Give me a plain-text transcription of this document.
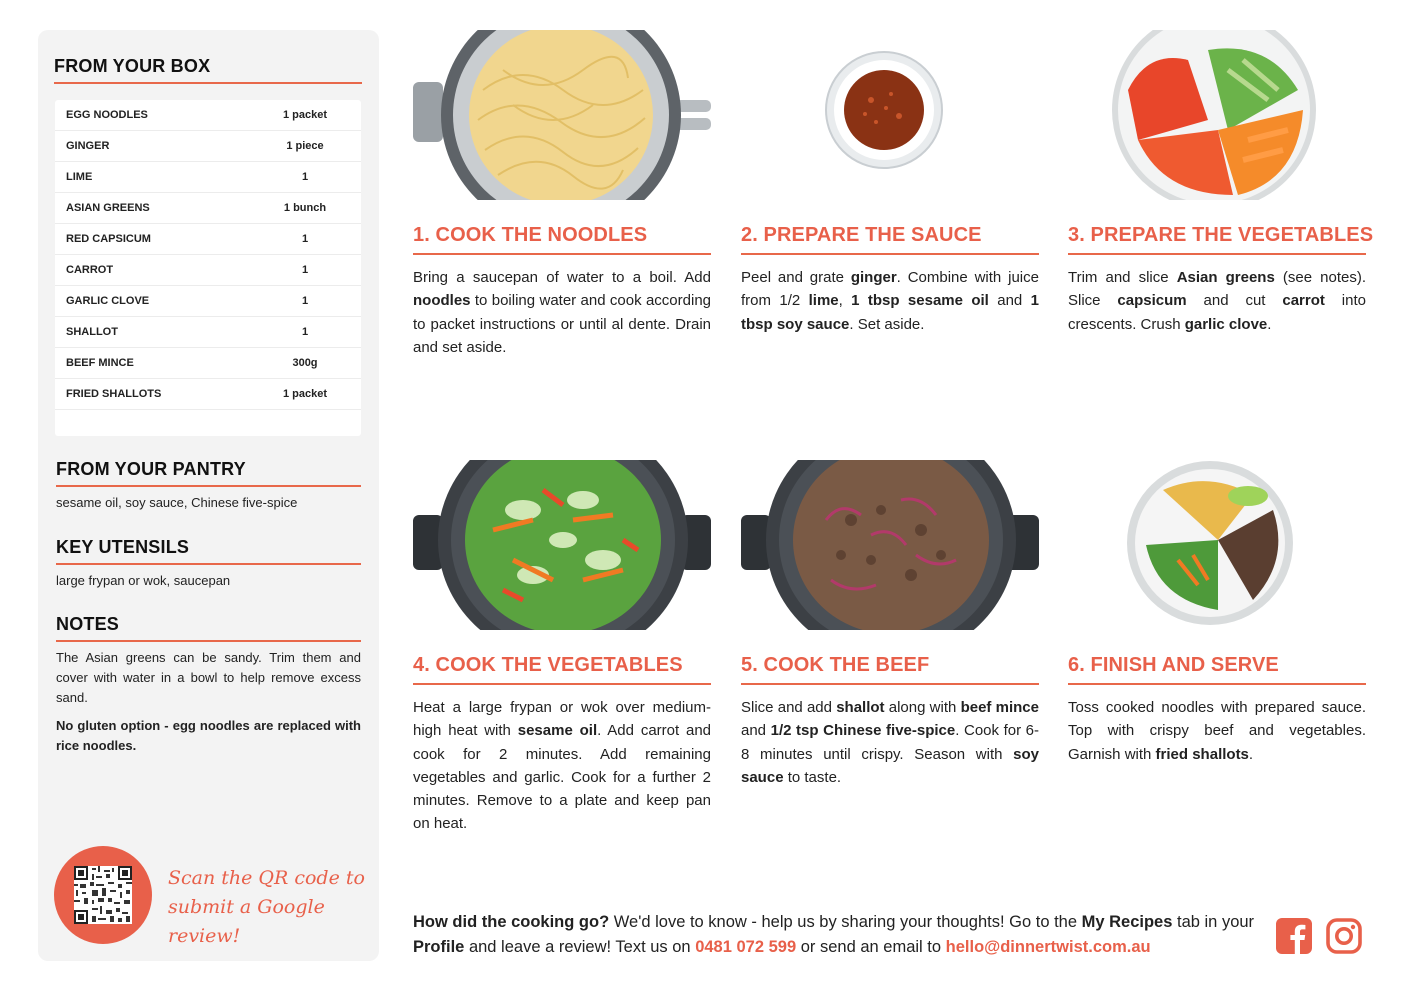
FROM YOUR BOX
EGG NOODLES	1 packet
GINGER	1 piece
LIME	1
ASIAN GREENS	1 bunch
RED CAPSICUM	1
CARROT	1
GARLIC CLOVE	1
SHALLOT	1
BEEF MINCE	300g
FRIED SHALLOTS	1 packet
FROM YOUR PANTRY
sesame oil, soy sauce, Chinese five-spice
KEY UTENSILS
large frypan or wok, saucepan
NOTES
The Asian greens can be sandy. Trim them and cover with water in a bowl to help remove excess sand.
No gluten option - egg noodles are replaced with rice noodles.
Scan the QR code to
submit a Google review!
1. COOK THE NOODLES
Bring a saucepan of water to a boil. Add noodles to boiling water and cook according to packet instructions or until al dente. Drain and set aside.
2. PREPARE THE SAUCE
Peel and grate ginger. Combine with juice from 1/2 lime, 1 tbsp sesame oil and 1 tbsp soy sauce. Set aside.
3. PREPARE THE VEGETABLES
Trim and slice Asian greens (see notes). Slice capsicum and cut carrot into crescents. Crush garlic clove.
4. COOK THE VEGETABLES
Heat a large frypan or wok over medium-high heat with sesame oil. Add carrot and cook for 2 minutes. Add remaining vegetables and garlic. Cook for a further 2 minutes. Remove to a plate and keep pan on heat.
5. COOK THE BEEF
Slice and add shallot along with beef mince and 1/2 tsp Chinese five-spice. Cook for 6-8 minutes until crispy. Season with soy sauce to taste.
6. FINISH AND SERVE
Toss cooked noodles with prepared sauce. Top with crispy beef and vegetables. Garnish with fried shallots.
How did the cooking go? We'd love to know - help us by sharing your thoughts! Go to the My Recipes tab in your Profile and leave a review! Text us on 0481 072 599 or send an email to hello@dinnertwist.com.au
